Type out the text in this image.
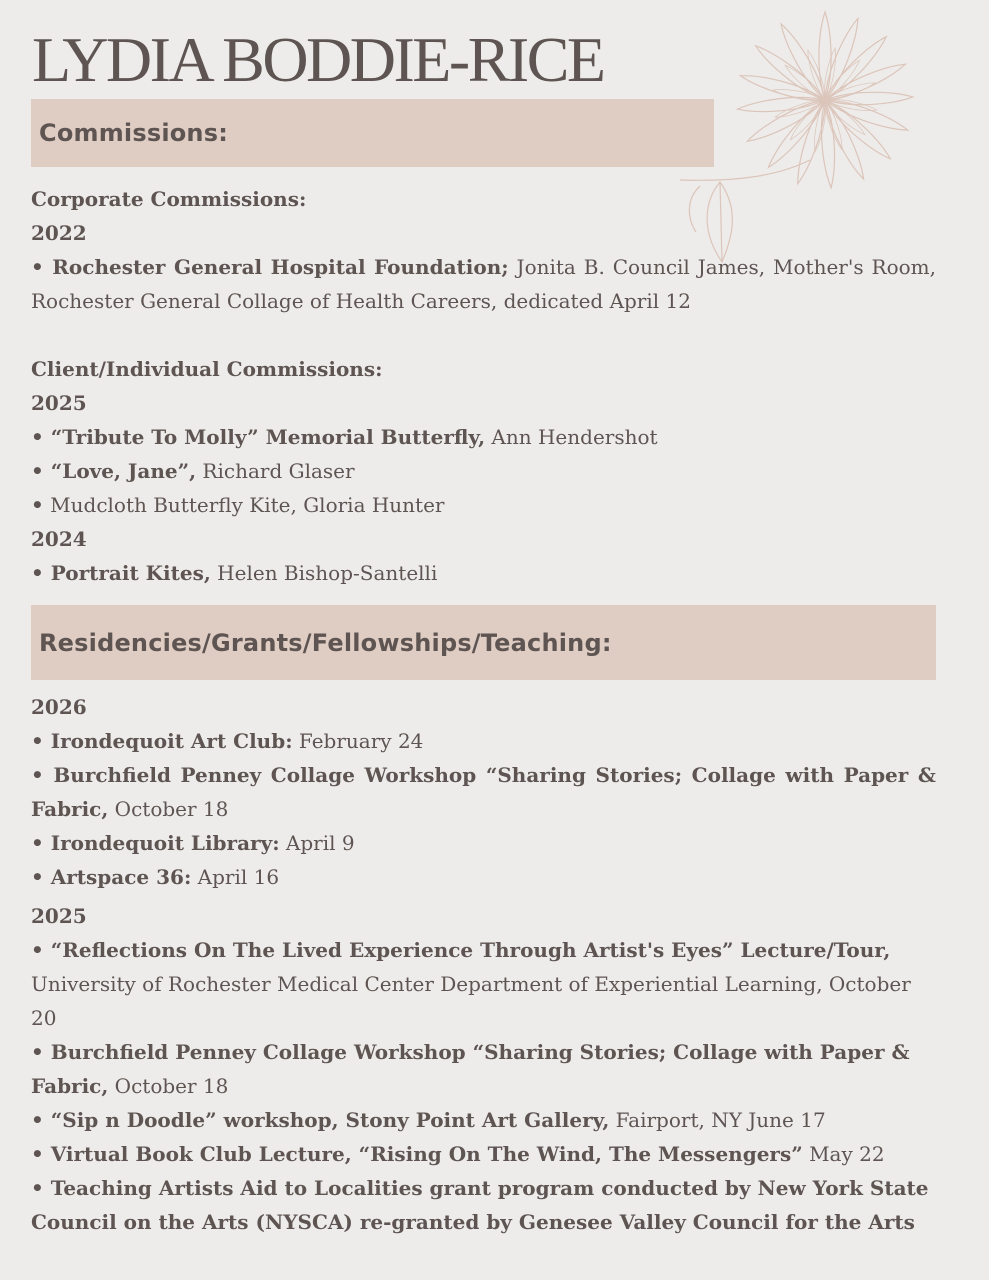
LYDIA BODDIE-RICE
Commissions:

Corporate Commissions:

2022

• Rochester General Hospital Foundation; Jonita B. Council James, Mother's Room, Rochester General Collage of Health Careers, dedicated April 12

Client/Individual Commissions:

2025

• “Tribute To Molly” Memorial Butterfly, Ann Hendershot

• “Love, Jane”, Richard Glaser

• Mudcloth Butterfly Kite, Gloria Hunter

2024

• Portrait Kites, Helen Bishop-Santelli

Residencies/Grants/Fellowships/Teaching:

2026

• Irondequoit Art Club: February 24

• Burchfield Penney Collage Workshop “Sharing Stories; Collage with Paper & Fabric, October 18

• Irondequoit Library: April 9

• Artspace 36: April 16

2025

• “Reflections On The Lived Experience Through Artist's Eyes” Lecture/Tour, University of Rochester Medical Center Department of Experiential Learning, October 20

• Burchfield Penney Collage Workshop “Sharing Stories; Collage with Paper & Fabric, October 18

• “Sip n Doodle” workshop, Stony Point Art Gallery, Fairport, NY June 17

• Virtual Book Club Lecture, “Rising On The Wind, The Messengers” May 22

• Teaching Artists Aid to Localities grant program conducted by New York State Council on the Arts (NYSCA) re-granted by Genesee Valley Council for the Arts
